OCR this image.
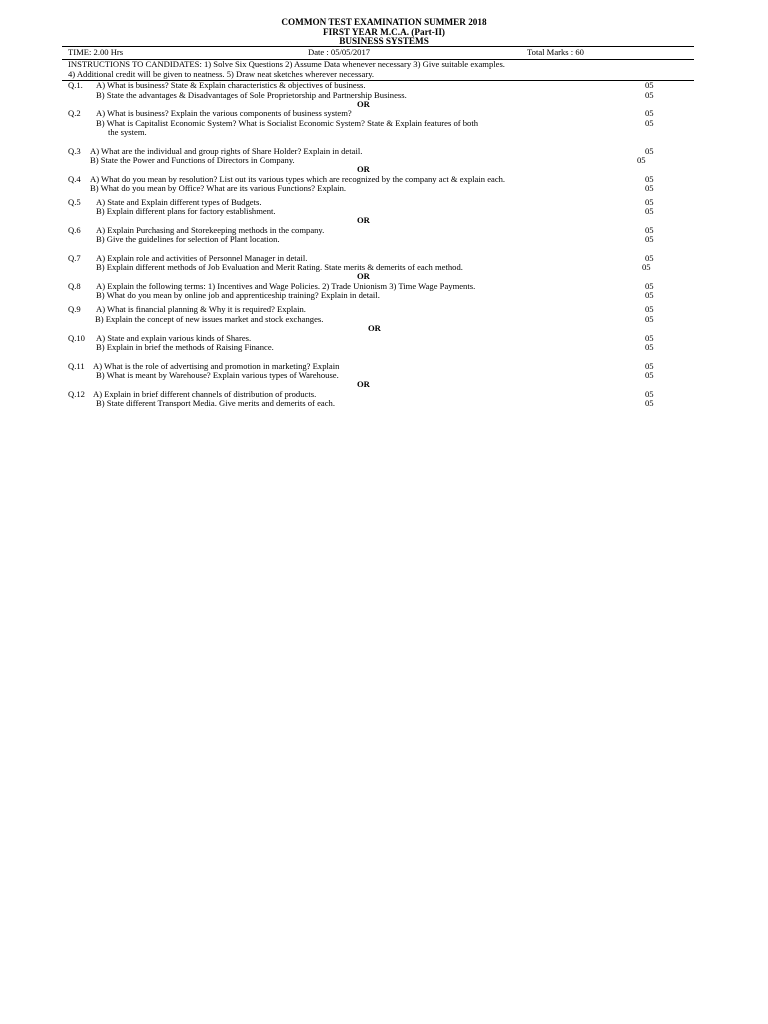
COMMON TEST EXAMINATION SUMMER 2018
FIRST YEAR M.C.A. (Part-II)
BUSINESS SYSTEMS
TIME: 2.00 Hrs	Date : 05/05/2017	Total Marks : 60
INSTRUCTIONS TO CANDIDATES: 1) Solve Six Questions 2) Assume Data whenever necessary 3) Give suitable examples.
4) Additional credit will be given to neatness. 5) Draw neat sketches wherever necessary.
Q.1. A) What is business? State & Explain characteristics & objectives of business.	05
B) State the advantages & Disadvantages of Sole Proprietorship and Partnership Business.	05
OR
Q.2 A) What is business? Explain the various components of business system?	05
B) What is Capitalist Economic System? What is Socialist Economic System? State & Explain features of both	05
the system.
Q.3 A) What are the individual and group rights of Share Holder? Explain in detail.	05
B) State the Power and Functions of Directors in Company.	05
OR
Q.4 A) What do you mean by resolution? List out its various types which are recognized by the company act & explain each.	05
B) What do you mean by Office? What are its various Functions? Explain.	05
Q.5 A) State and Explain different types of Budgets.	05
B) Explain different plans for factory establishment.	05
OR
Q.6 A) Explain Purchasing and Storekeeping methods in the company.	05
B) Give the guidelines for selection of Plant location.	05
Q.7 A) Explain role and activities of Personnel Manager in detail.	05
B) Explain different methods of Job Evaluation and Merit Rating. State merits & demerits of each method.	05
OR
Q.8 A) Explain the following terms: 1) Incentives and Wage Policies. 2) Trade Unionism 3) Time Wage Payments.	05
B) What do you mean by online job and apprenticeship training? Explain in detail.	05
Q.9 A) What is financial planning & Why it is required? Explain.	05
B) Explain the concept of new issues market and stock exchanges.	05
OR
Q.10 A) State and explain various kinds of Shares.	05
B) Explain in brief the methods of Raising Finance.	05
Q.11 A) What is the role of advertising and promotion in marketing? Explain	05
B) What is meant by Warehouse? Explain various types of Warehouse.	05
OR
Q.12 A) Explain in brief different channels of distribution of products.	05
B) State different Transport Media. Give merits and demerits of each.	05
